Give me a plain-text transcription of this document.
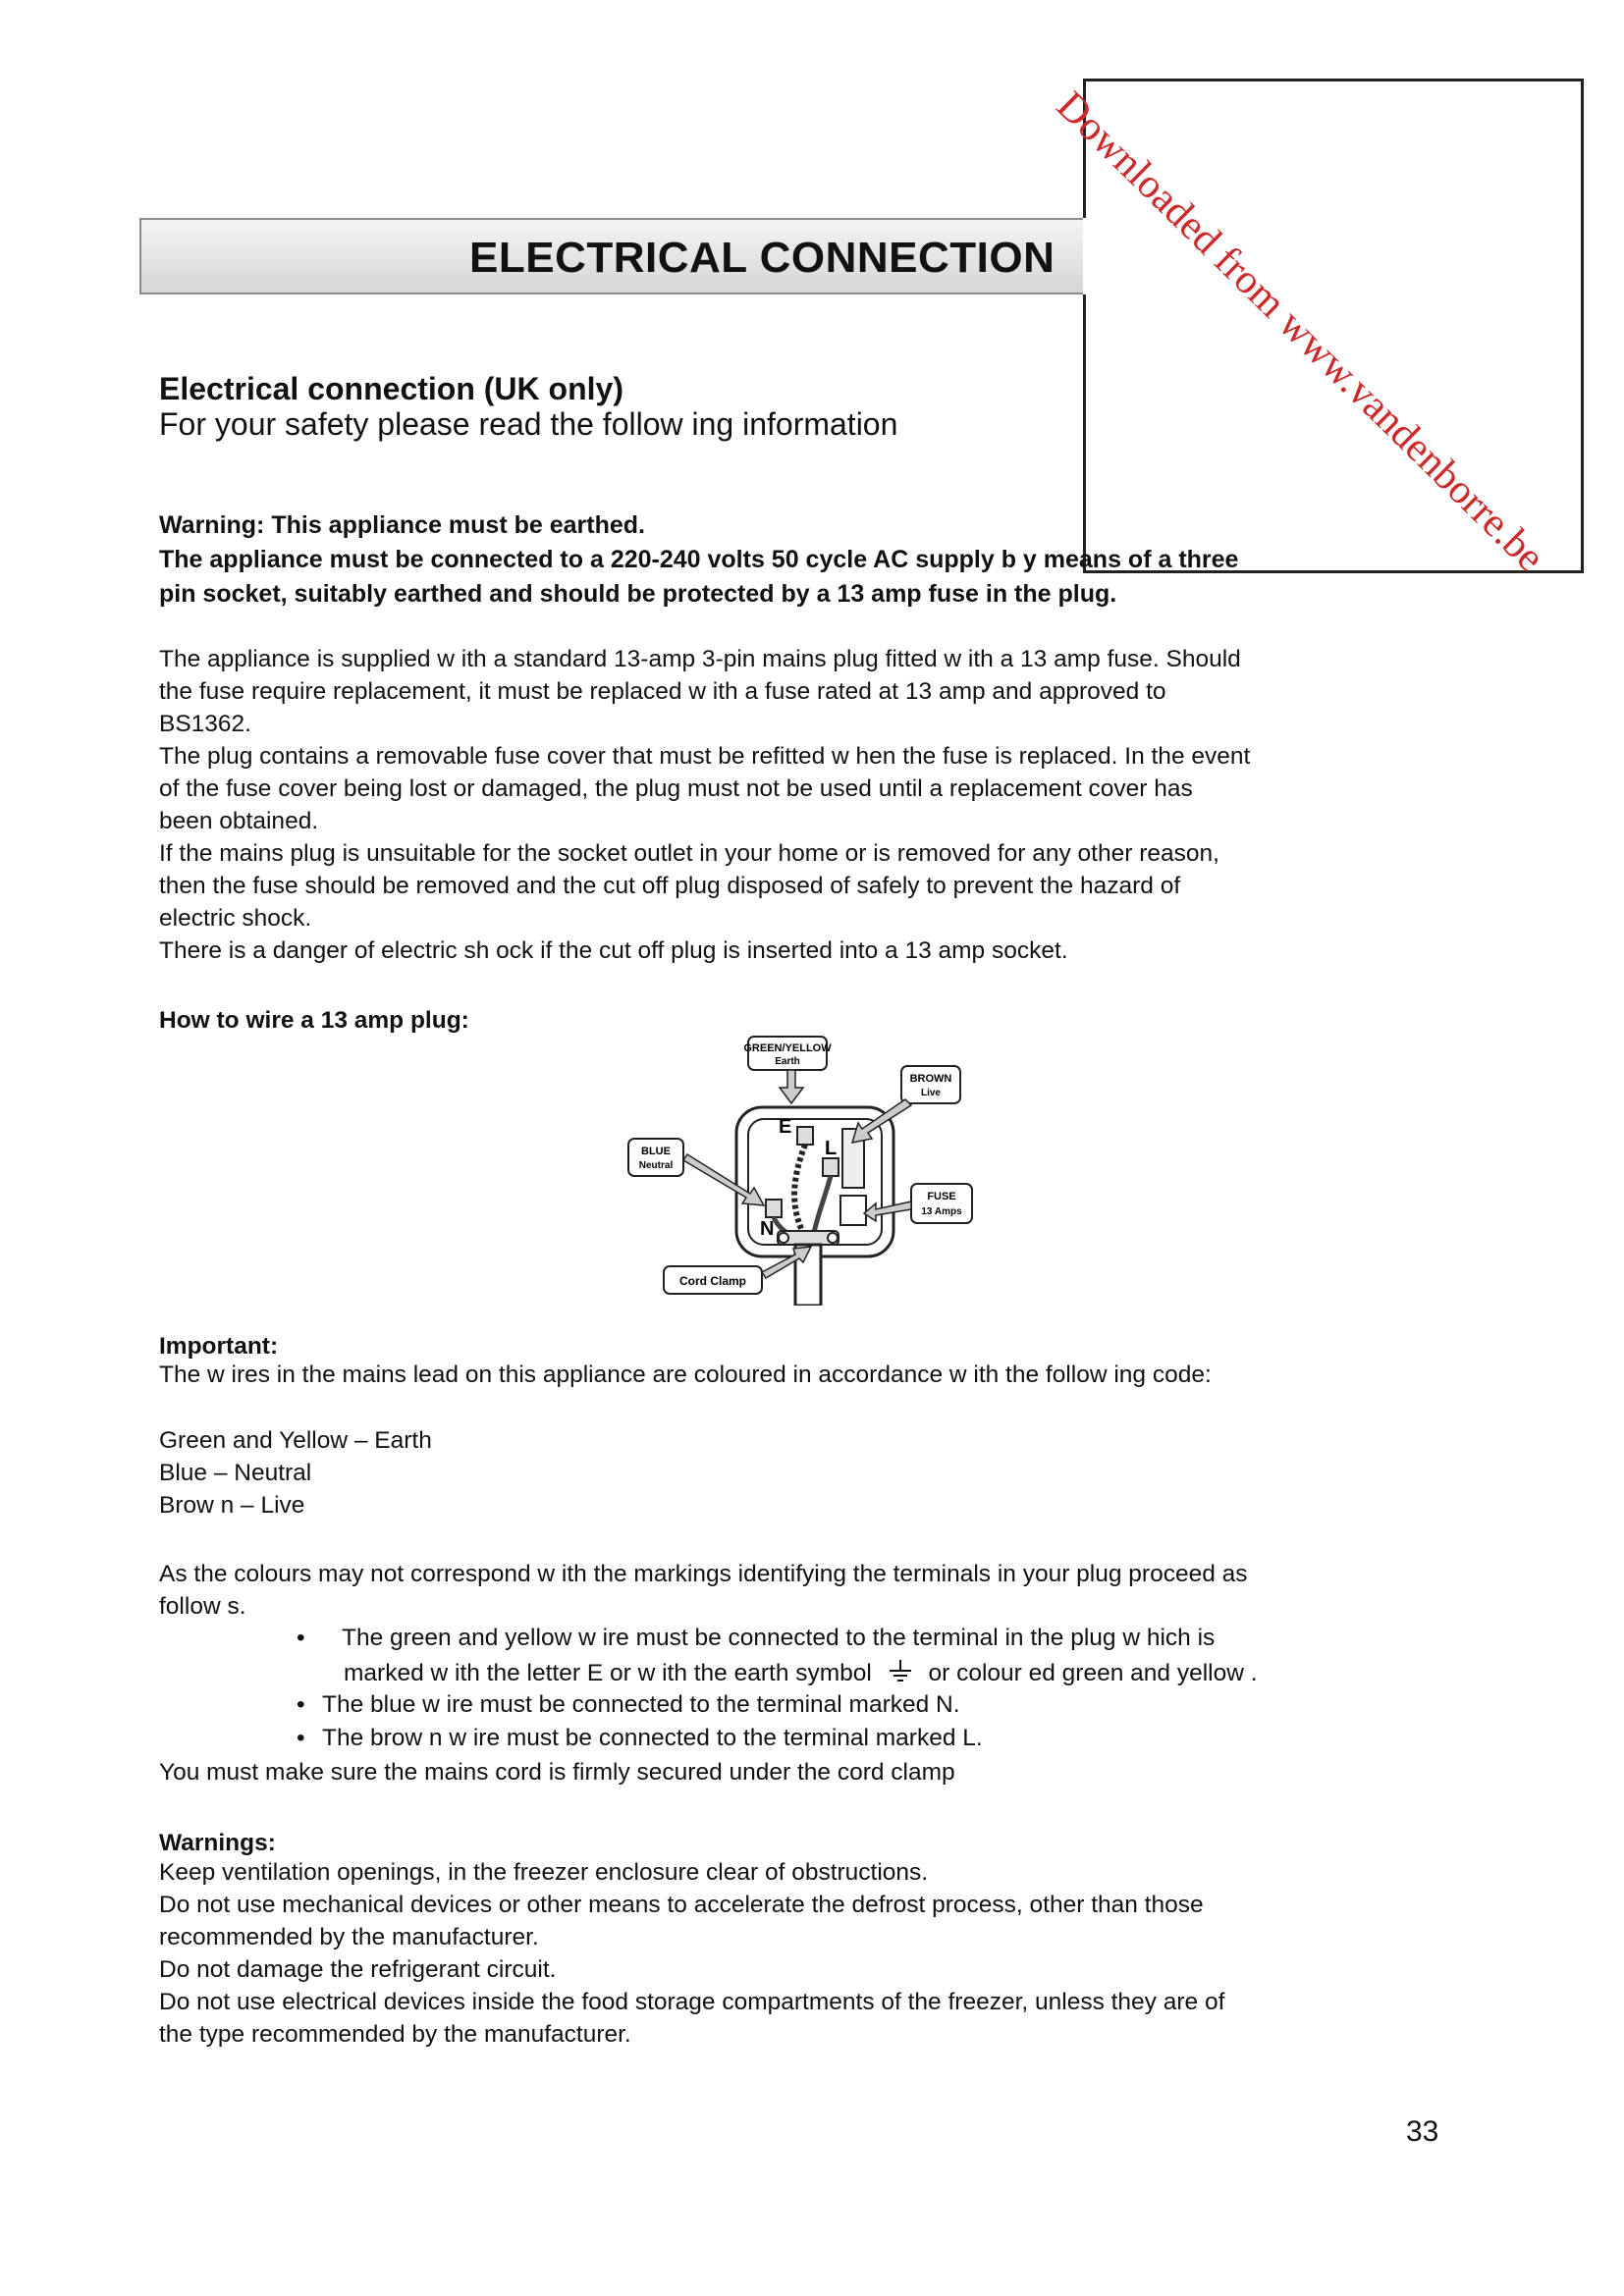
ELECTRICAL CONNECTION
Downloaded from www.vandenborre.be
Electrical connection (UK only)
For your safety please read the follow ing information
Warning: This appliance must be earthed.
The appliance must be connected to a 220-240 volts 50 cycle AC supply b y means of a three
pin socket, suitably earthed and should be protected by a 13 amp fuse in the plug.
The appliance is supplied w ith a standard 13-amp 3-pin mains plug fitted w ith a 13 amp fuse. Should
the fuse require replacement, it must be replaced w ith a fuse rated at 13 amp and approved to
BS1362.
The plug contains a removable fuse cover that must be refitted w hen the fuse is replaced. In the event
of the fuse cover being lost or damaged, the plug must not be used until a replacement cover has
been obtained.
If the mains plug is unsuitable for the socket outlet in your home or is removed for any other reason,
then the fuse should be removed and the cut off plug disposed of safely to prevent the hazard of
electric shock.
There is a danger of electric sh ock if the cut off plug is inserted into a 13 amp socket.
How to wire a 13 amp plug:
E
L
N
GREEN/YELLOW
Earth
BROWN
Live
BLUE
Neutral
FUSE
13 Amps
Cord Clamp
Important:
The w ires in the mains lead on this appliance are coloured in accordance w ith the follow ing code:
Green and Yellow – Earth
Blue – Neutral
Brow n – Live
As the colours may not correspond w ith the markings identifying the terminals in your plug proceed as
follow s.
• The green and yellow w ire must be connected to the terminal in the plug w hich is
marked w ith the letter E or w ith the earth symbol or colour ed green and yellow .
• The blue w ire must be connected to the terminal marked N.
• The brow n w ire must be connected to the terminal marked L.
You must make sure the mains cord is firmly secured under the cord clamp
Warnings:
Keep ventilation openings, in the freezer enclosure clear of obstructions.
Do not use mechanical devices or other means to accelerate the defrost process, other than those
recommended by the manufacturer.
Do not damage the refrigerant circuit.
Do not use electrical devices inside the food storage compartments of the freezer, unless they are of
the type recommended by the manufacturer.
33
